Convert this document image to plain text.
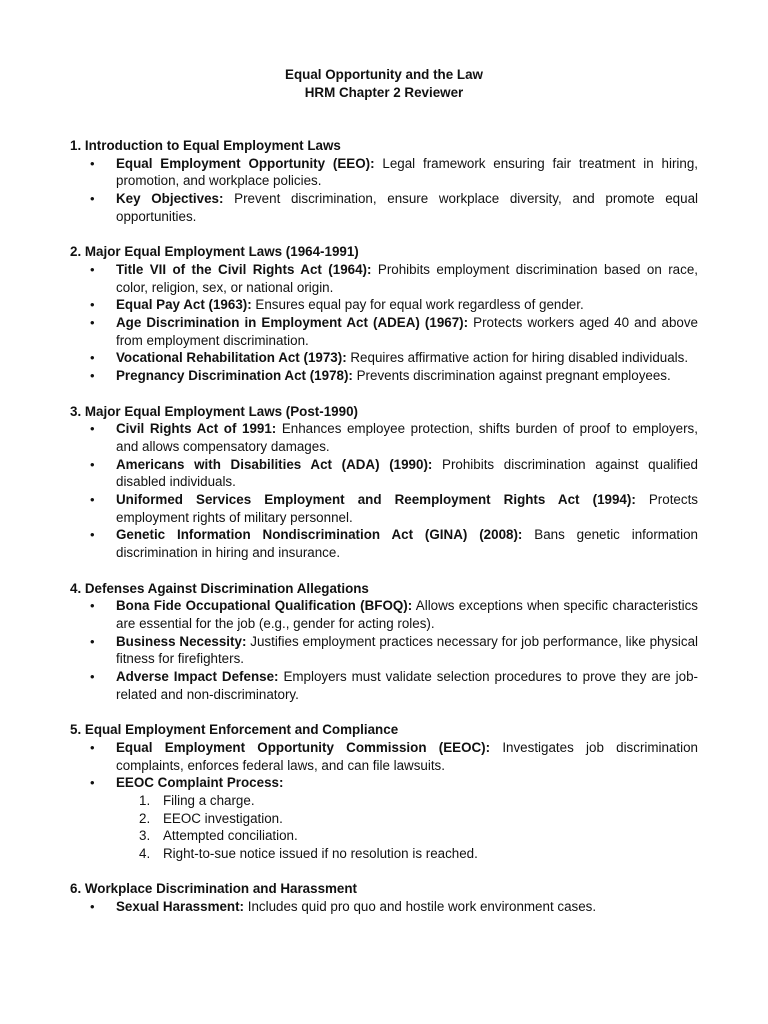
Equal Opportunity and the Law
HRM Chapter 2 Reviewer
1. Introduction to Equal Employment Laws
• Equal Employment Opportunity (EEO): Legal framework ensuring fair treatment in hiring, promotion, and workplace policies.
• Key Objectives: Prevent discrimination, ensure workplace diversity, and promote equal opportunities.
2. Major Equal Employment Laws (1964-1991)
• Title VII of the Civil Rights Act (1964): Prohibits employment discrimination based on race, color, religion, sex, or national origin.
• Equal Pay Act (1963): Ensures equal pay for equal work regardless of gender.
• Age Discrimination in Employment Act (ADEA) (1967): Protects workers aged 40 and above from employment discrimination.
• Vocational Rehabilitation Act (1973): Requires affirmative action for hiring disabled individuals.
• Pregnancy Discrimination Act (1978): Prevents discrimination against pregnant employees.
3. Major Equal Employment Laws (Post-1990)
• Civil Rights Act of 1991: Enhances employee protection, shifts burden of proof to employers, and allows compensatory damages.
• Americans with Disabilities Act (ADA) (1990): Prohibits discrimination against qualified disabled individuals.
• Uniformed Services Employment and Reemployment Rights Act (1994): Protects employment rights of military personnel.
• Genetic Information Nondiscrimination Act (GINA) (2008): Bans genetic information discrimination in hiring and insurance.
4. Defenses Against Discrimination Allegations
• Bona Fide Occupational Qualification (BFOQ): Allows exceptions when specific characteristics are essential for the job (e.g., gender for acting roles).
• Business Necessity: Justifies employment practices necessary for job performance, like physical fitness for firefighters.
• Adverse Impact Defense: Employers must validate selection procedures to prove they are job-related and non-discriminatory.
5. Equal Employment Enforcement and Compliance
• Equal Employment Opportunity Commission (EEOC): Investigates job discrimination complaints, enforces federal laws, and can file lawsuits.
• EEOC Complaint Process:
1. Filing a charge.
2. EEOC investigation.
3. Attempted conciliation.
4. Right-to-sue notice issued if no resolution is reached.
6. Workplace Discrimination and Harassment
• Sexual Harassment: Includes quid pro quo and hostile work environment cases.
